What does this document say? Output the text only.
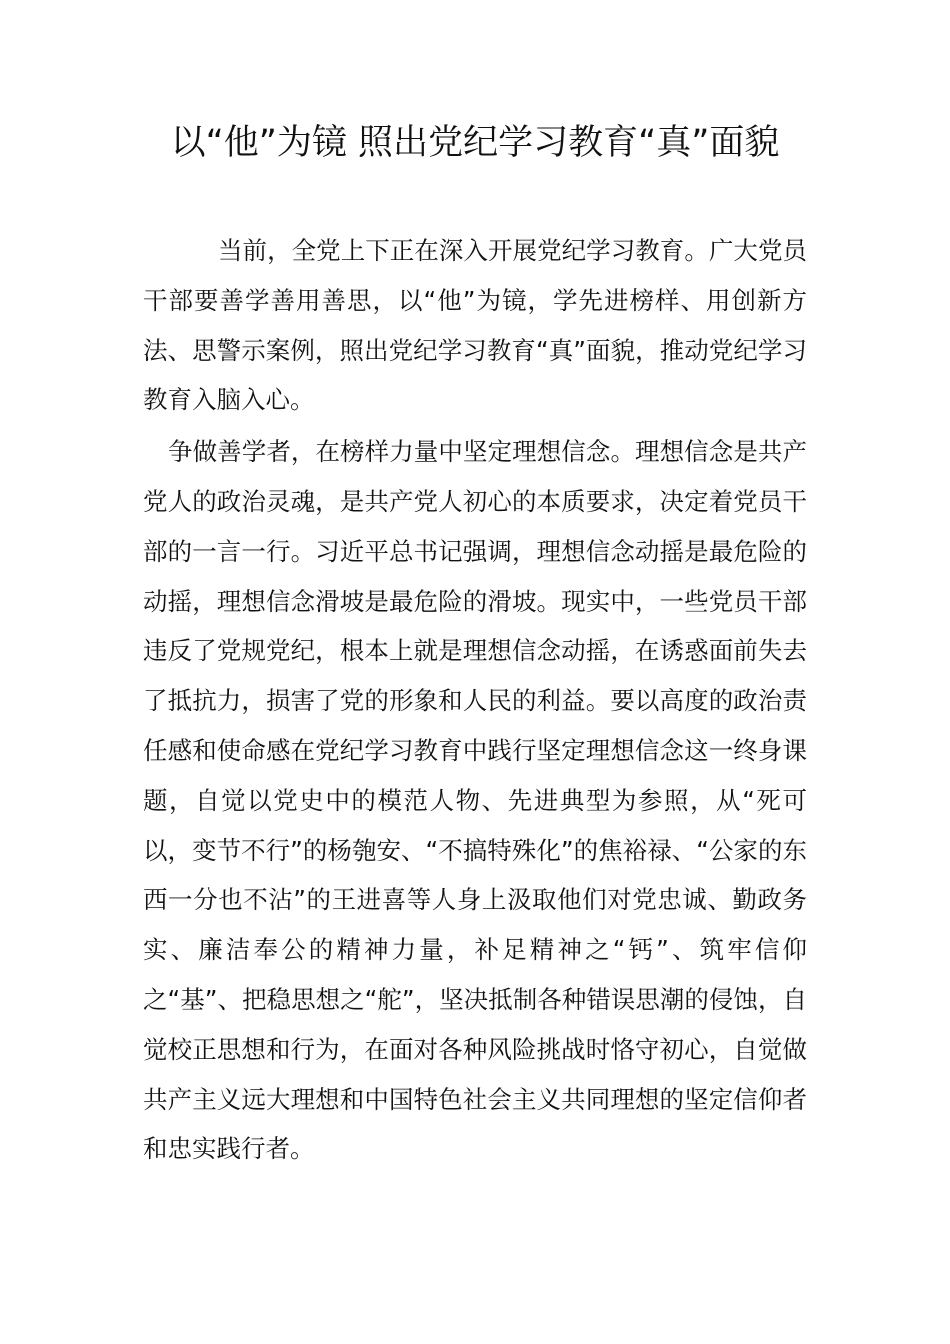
以“他”为镜 照出党纪学习教育“真”面貌

当前，全党上下正在深入开展党纪学习教育。广大党员干部要善学善用善思，以“他”为镜，学先进榜样、用创新方法、思警示案例，照出党纪学习教育“真”面貌，推动党纪学习教育入脑入心。

争做善学者，在榜样力量中坚定理想信念。理想信念是共产党人的政治灵魂，是共产党人初心的本质要求，决定着党员干部的一言一行。习近平总书记强调，理想信念动摇是最危险的动摇，理想信念滑坡是最危险的滑坡。现实中，一些党员干部违反了党规党纪，根本上就是理想信念动摇，在诱惑面前失去了抵抗力，损害了党的形象和人民的利益。要以高度的政治责任感和使命感在党纪学习教育中践行坚定理想信念这一终身课题，自觉以党史中的模范人物、先进典型为参照，从“死可以，变节不行”的杨匏安、“不搞特殊化”的焦裕禄、“公家的东西一分也不沾”的王进喜等人身上汲取他们对党忠诚、勤政务实、廉洁奉公的精神力量，补足精神之“钙”、筑牢信仰之“基”、把稳思想之“舵”，坚决抵制各种错误思潮的侵蚀，自觉校正思想和行为，在面对各种风险挑战时恪守初心，自觉做共产主义远大理想和中国特色社会主义共同理想的坚定信仰者和忠实践行者。
